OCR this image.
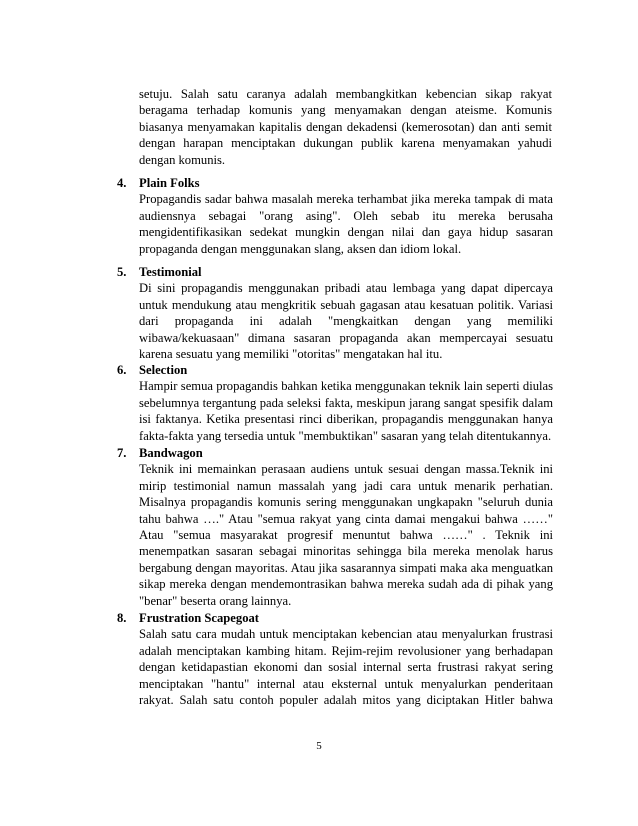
setuju. Salah satu caranya adalah membangkitkan kebencian sikap rakyat
beragama terhadap komunis yang menyamakan dengan ateisme. Komunis
biasanya menyamakan kapitalis dengan dekadensi (kemerosotan) dan anti semit
dengan harapan menciptakan dukungan publik karena menyamakan yahudi
dengan komunis.
4. Plain Folks
Propagandis sadar bahwa masalah mereka terhambat jika mereka tampak di mata
audiensnya sebagai "orang asing". Oleh sebab itu mereka berusaha
mengidentifikasikan sedekat mungkin dengan nilai dan gaya hidup sasaran
propaganda dengan menggunakan slang, aksen dan idiom lokal.
5. Testimonial
Di sini propagandis menggunakan pribadi atau lembaga yang dapat dipercaya
untuk mendukung atau mengkritik sebuah gagasan atau kesatuan politik. Variasi
dari propaganda ini adalah "mengkaitkan dengan yang memiliki
wibawa/kekuasaan" dimana sasaran propaganda akan mempercayai sesuatu
karena sesuatu yang memiliki "otoritas" mengatakan hal itu.
6. Selection
Hampir semua propagandis bahkan ketika menggunakan teknik lain seperti diulas
sebelumnya tergantung pada seleksi fakta, meskipun jarang sangat spesifik dalam
isi faktanya. Ketika presentasi rinci diberikan, propagandis menggunakan hanya
fakta-fakta yang tersedia untuk "membuktikan" sasaran yang telah ditentukannya.
7. Bandwagon
Teknik ini memainkan perasaan audiens untuk sesuai dengan massa.Teknik ini
mirip testimonial namun massalah yang jadi cara untuk menarik perhatian.
Misalnya propagandis komunis sering menggunakan ungkapakn "seluruh dunia
tahu bahwa …." Atau "semua rakyat yang cinta damai mengakui bahwa ……"
Atau "semua masyarakat progresif menuntut bahwa ……" . Teknik ini
menempatkan sasaran sebagai minoritas sehingga bila mereka menolak harus
bergabung dengan mayoritas. Atau jika sasarannya simpati maka aka menguatkan
sikap mereka dengan mendemontrasikan bahwa mereka sudah ada di pihak yang
"benar" beserta orang lainnya.
8. Frustration Scapegoat
Salah satu cara mudah untuk menciptakan kebencian atau menyalurkan frustrasi
adalah menciptakan kambing hitam. Rejim-rejim revolusioner yang berhadapan
dengan ketidapastian ekonomi dan sosial internal serta frustrasi rakyat sering
menciptakan "hantu" internal atau eksternal untuk menyalurkan penderitaan
rakyat. Salah satu contoh populer adalah mitos yang diciptakan Hitler bahwa
5
